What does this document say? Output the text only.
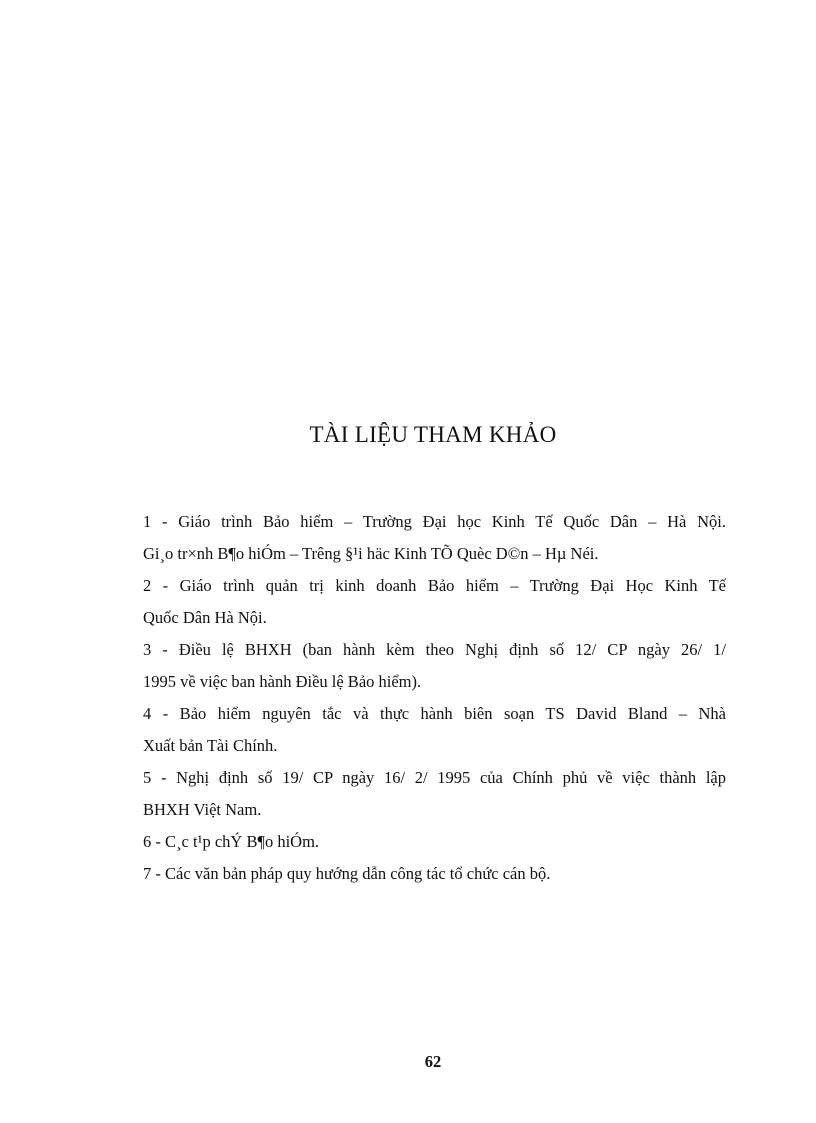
TÀI LIỆU THAM KHẢO
1 - Giáo trình Bảo hiểm – Trường Đại học Kinh Tế Quốc Dân – Hà Nội.
Gi¸o tr×nh B¶o hiÓm – Trêng §¹i häc Kinh TÕ Quèc D©n – Hµ Néi.
2 - Giáo trình quản trị kinh doanh Bảo hiểm – Trường Đại Học Kinh Tế
Quốc Dân Hà Nội.
3 - Điều lệ BHXH (ban hành kèm theo Nghị định số 12/ CP ngày 26/ 1/
1995 về việc ban hành Điều lệ Bảo hiểm).
4 - Bảo hiểm nguyên tắc và thực hành biên soạn TS David Bland – Nhà
Xuất bản Tài Chính.
5 - Nghị định số 19/ CP ngày 16/ 2/ 1995 của Chính phủ về việc thành lập
BHXH Việt Nam.
6 - C¸c t¹p chÝ B¶o hiÓm.
7 - Các văn bản pháp quy hướng dẫn công tác tổ chức cán bộ.
62
